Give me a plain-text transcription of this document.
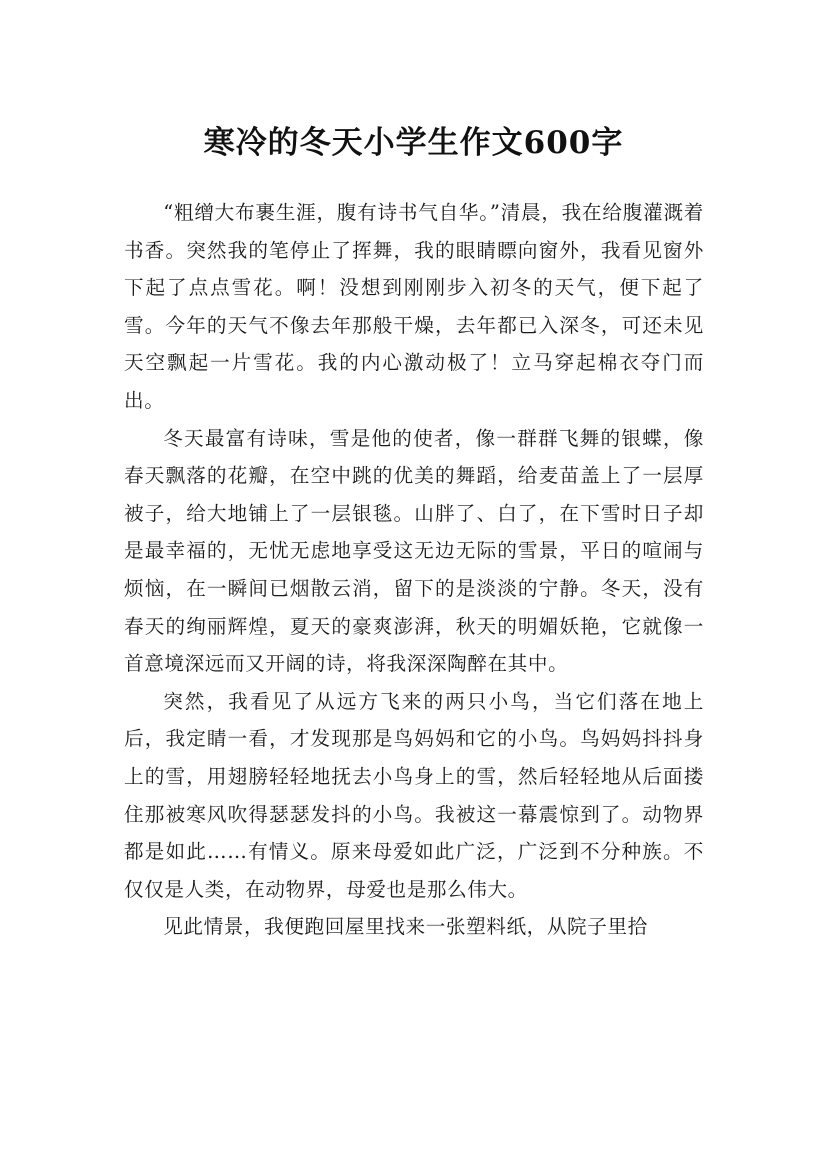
寒冷的冬天小学生作文600字

“粗缯大布裹生涯，腹有诗书气自华。”清晨，我在给腹灌溉着书香。突然我的笔停止了挥舞，我的眼睛瞟向窗外，我看见窗外下起了点点雪花。啊！没想到刚刚步入初冬的天气，便下起了雪。今年的天气不像去年那般干燥，去年都已入深冬，可还未见天空飘起一片雪花。我的内心激动极了！立马穿起棉衣夺门而出。

冬天最富有诗味，雪是他的使者，像一群群飞舞的银蝶，像春天飘落的花瓣，在空中跳的优美的舞蹈，给麦苗盖上了一层厚被子，给大地铺上了一层银毯。山胖了、白了，在下雪时日子却是最幸福的，无忧无虑地享受这无边无际的雪景，平日的喧闹与烦恼，在一瞬间已烟散云消，留下的是淡淡的宁静。冬天，没有春天的绚丽辉煌，夏天的豪爽澎湃，秋天的明媚妖艳，它就像一首意境深远而又开阔的诗，将我深深陶醉在其中。

突然，我看见了从远方飞来的两只小鸟，当它们落在地上后，我定睛一看，才发现那是鸟妈妈和它的小鸟。鸟妈妈抖抖身上的雪，用翅膀轻轻地抚去小鸟身上的雪，然后轻轻地从后面搂住那被寒风吹得瑟瑟发抖的小鸟。我被这一幕震惊到了。动物界都是如此……有情义。原来母爱如此广泛，广泛到不分种族。不仅仅是人类，在动物界，母爱也是那么伟大。

见此情景，我便跑回屋里找来一张塑料纸，从院子里拾
